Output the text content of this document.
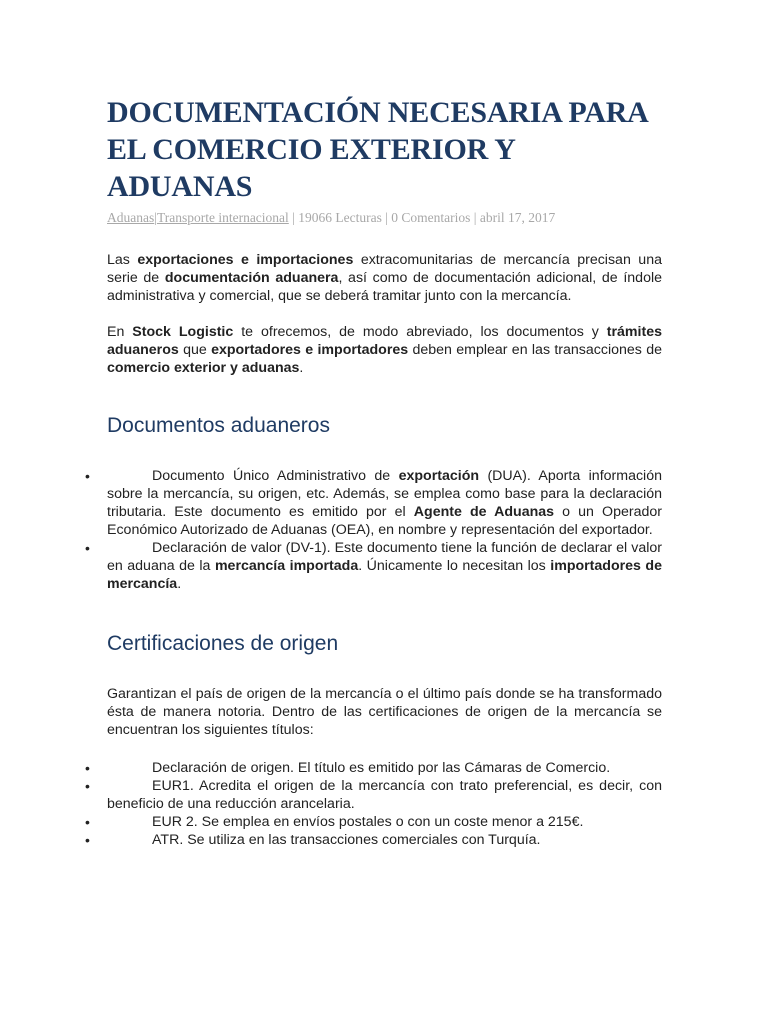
DOCUMENTACIÓN NECESARIA PARA EL COMERCIO EXTERIOR Y ADUANAS
Aduanas|Transporte internacional | 19066 Lecturas | 0 Comentarios | abril 17, 2017

Las exportaciones e importaciones extracomunitarias de mercancía precisan una serie de documentación aduanera, así como de documentación adicional, de índole administrativa y comercial, que se deberá tramitar junto con la mercancía.

En Stock Logistic te ofrecemos, de modo abreviado, los documentos y trámites aduaneros que exportadores e importadores deben emplear en las transacciones de comercio exterior y aduanas.

Documentos aduaneros
•	Documento Único Administrativo de exportación (DUA). Aporta información sobre la mercancía, su origen, etc. Además, se emplea como base para la declaración tributaria. Este documento es emitido por el Agente de Aduanas o un Operador Económico Autorizado de Aduanas (OEA), en nombre y representación del exportador.
•	Declaración de valor (DV-1). Este documento tiene la función de declarar el valor en aduana de la mercancía importada. Únicamente lo necesitan los importadores de mercancía.
Certificaciones de origen

Garantizan el país de origen de la mercancía o el último país donde se ha transformado ésta de manera notoria. Dentro de las certificaciones de origen de la mercancía se encuentran los siguientes títulos:

•	Declaración de origen. El título es emitido por las Cámaras de Comercio.
•	EUR1. Acredita el origen de la mercancía con trato preferencial, es decir, con beneficio de una reducción arancelaria.
•	EUR 2. Se emplea en envíos postales o con un coste menor a 215€.
•	ATR. Se utiliza en las transacciones comerciales con Turquía.
